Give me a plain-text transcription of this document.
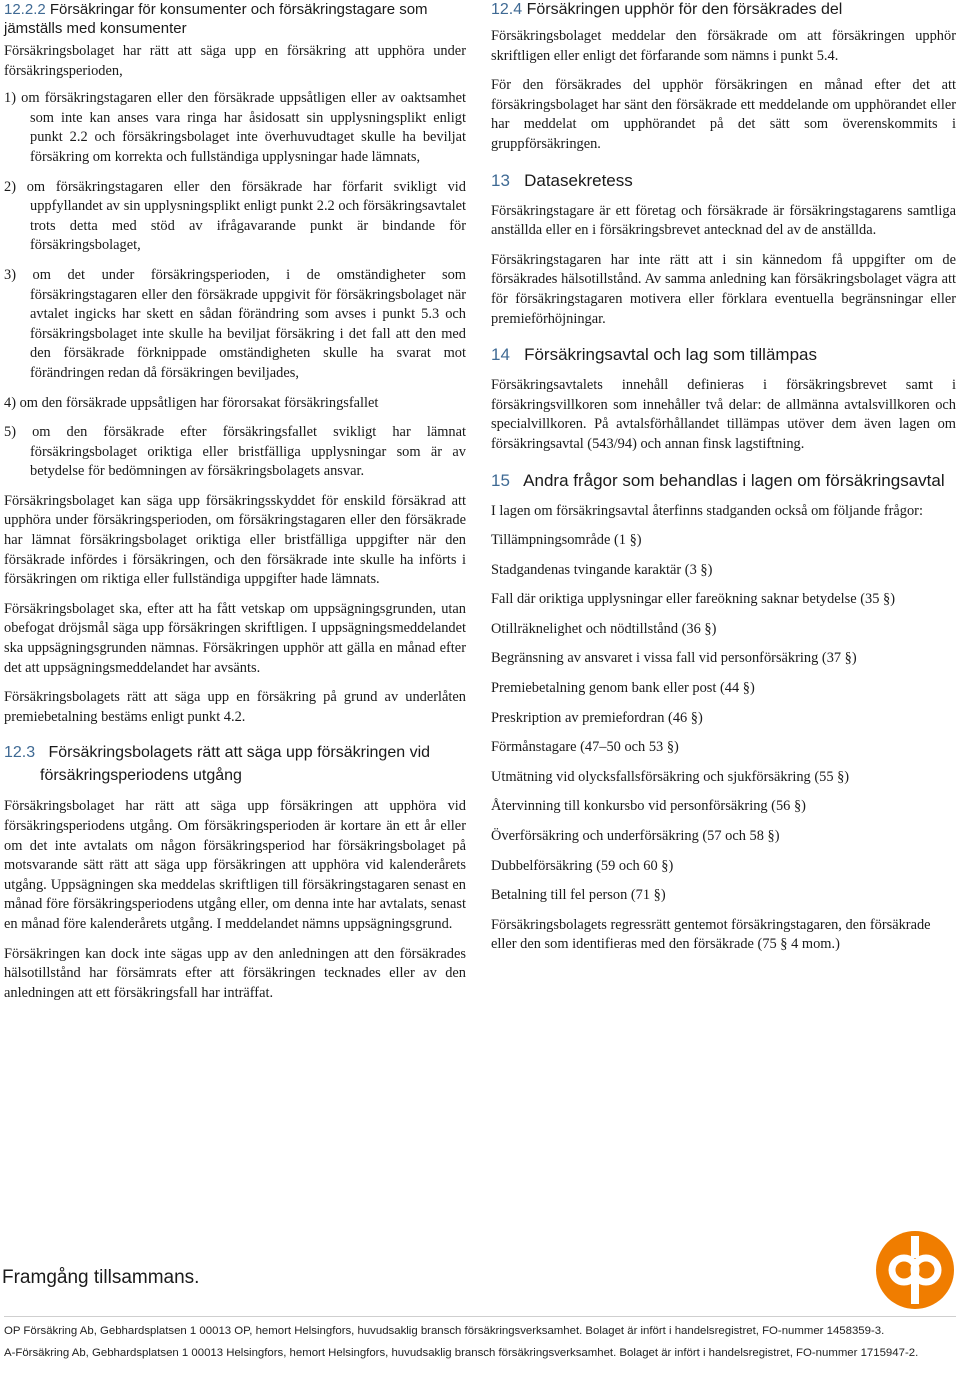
12.2.2 Försäkringar för konsumenter och försäkringstagare som jämställs med konsumenter

Försäkringsbolaget har rätt att säga upp en försäkring att upphöra under försäkringsperioden,

1) om försäkringstagaren eller den försäkrade uppsåtligen eller av oaktsamhet som inte kan anses vara ringa har åsidosatt sin upplysningsplikt enligt punkt 2.2 och försäkringsbolaget inte överhuvudtaget skulle ha beviljat försäkring om korrekta och fullständiga upplysningar hade lämnats,

2) om försäkringstagaren eller den försäkrade har förfarit svikligt vid uppfyllandet av sin upplysningsplikt enligt punkt 2.2 och försäkringsavtalet trots detta med stöd av ifrågavarande punkt är bindande för försäkringsbolaget,

3) om det under försäkringsperioden, i de omständigheter som försäkringstagaren eller den försäkrade uppgivit för försäkringsbolaget när avtalet ingicks har skett en sådan förändring som avses i punkt 5.3 och försäkringsbolaget inte skulle ha beviljat försäkring i det fall att den med den försäkrade förknippade omständigheten skulle ha svarat mot förändringen redan då försäkringen beviljades,

4) om den försäkrade uppsåtligen har förorsakat försäkringsfallet

5) om den försäkrade efter försäkringsfallet svikligt har lämnat försäkringsbolaget oriktiga eller bristfälliga upplysningar som är av betydelse för bedömningen av försäkringsbolagets ansvar.

Försäkringsbolaget kan säga upp försäkringsskyddet för enskild försäkrad att upphöra under försäkringsperioden, om försäkringstagaren eller den försäkrade har lämnat försäkringsbolaget oriktiga eller bristfälliga uppgifter när den försäkrade infördes i försäkringen, och den försäkrade inte skulle ha införts i försäkringen om riktiga eller fullständiga uppgifter hade lämnats.

Försäkringsbolaget ska, efter att ha fått vetskap om uppsägningsgrunden, utan obefogat dröjsmål säga upp försäkringen skriftligen. I uppsägningsmeddelandet ska uppsägningsgrunden nämnas. Försäkringen upphör att gälla en månad efter det att uppsägningsmeddelandet har avsänts.

Försäkringsbolagets rätt att säga upp en försäkring på grund av underlåten premiebetalning bestäms enligt punkt 4.2.

12.3 Försäkringsbolagets rätt att säga upp försäkringen vid försäkringsperiodens utgång

Försäkringsbolaget har rätt att säga upp försäkringen att upphöra vid försäkringsperiodens utgång. Om försäkringsperioden är kortare än ett år eller om det inte avtalats om någon försäkringsperiod har försäkringsbolaget på motsvarande sätt rätt att säga upp försäkringen att upphöra vid kalenderårets utgång. Uppsägningen ska meddelas skriftligen till försäkringstagaren senast en månad före försäkringsperiodens utgång eller, om denna inte har avtalats, senast en månad före kalenderårets utgång. I meddelandet nämns uppsägningsgrund.

Försäkringen kan dock inte sägas upp av den anledningen att den försäkrades hälsotillstånd har försämrats efter att försäkringen tecknades eller av den anledningen att ett försäkringsfall har inträffat.

12.4 Försäkringen upphör för den försäkrades del

Försäkringsbolaget meddelar den försäkrade om att försäkringen upphör skriftligen eller enligt det förfarande som nämns i punkt 5.4.

För den försäkrades del upphör försäkringen en månad efter det att försäkringsbolaget har sänt den försäkrade ett meddelande om upphörandet eller har meddelat om upphörandet på det sätt som överenskommits i gruppförsäkringen.

13 Datasekretess

Försäkringstagare är ett företag och försäkrade är försäkringstagarens samtliga anställda eller en i försäkringsbrevet antecknad del av de anställda.

Försäkringstagaren har inte rätt att i sin kännedom få uppgifter om de försäkrades hälsotillstånd. Av samma anledning kan försäkringsbolaget vägra att för försäkringstagaren motivera eller förklara eventuella begränsningar eller premieförhöjningar.

14 Försäkringsavtal och lag som tillämpas

Försäkringsavtalets innehåll definieras i försäkringsbrevet samt i försäkringsvillkoren som innehåller två delar: de allmänna avtalsvillkoren och specialvillkoren. På avtalsförhållandet tillämpas utöver dem även lagen om försäkringsavtal (543/94) och annan finsk lagstiftning.

15 Andra frågor som behandlas i lagen om försäkringsavtal

I lagen om försäkringsavtal återfinns stadganden också om följande frågor:

Tillämpningsområde (1 §)

Stadgandenas tvingande karaktär (3 §)

Fall där oriktiga upplysningar eller fareökning saknar betydelse (35 §)

Otillräknelighet och nödtillstånd (36 §)

Begränsning av ansvaret i vissa fall vid personförsäkring (37 §)

Premiebetalning genom bank eller post (44 §)

Preskription av premiefordran (46 §)

Förmånstagare (47–50 och 53 §)

Utmätning vid olycksfallsförsäkring och sjukförsäkring (55 §)

Återvinning till konkursbo vid personförsäkring (56 §)

Överförsäkring och underförsäkring (57 och 58 §)

Dubbelförsäkring (59 och 60 §)

Betalning till fel person (71 §)

Försäkringsbolagets regressrätt gentemot försäkringstagaren, den försäkrade eller den som identifieras med den försäkrade (75 § 4 mom.)

Framgång tillsammans.
OP Försäkring Ab, Gebhardsplatsen 1 00013 OP, hemort Helsingfors, huvudsaklig bransch försäkringsverksamhet. Bolaget är infört i handelsregistret, FO-nummer 1458359-3.
A-Försäkring Ab, Gebhardsplatsen 1 00013 Helsingfors, hemort Helsingfors, huvudsaklig bransch försäkringsverksamhet. Bolaget är infört i handelsregistret, FO-nummer 1715947-2.
